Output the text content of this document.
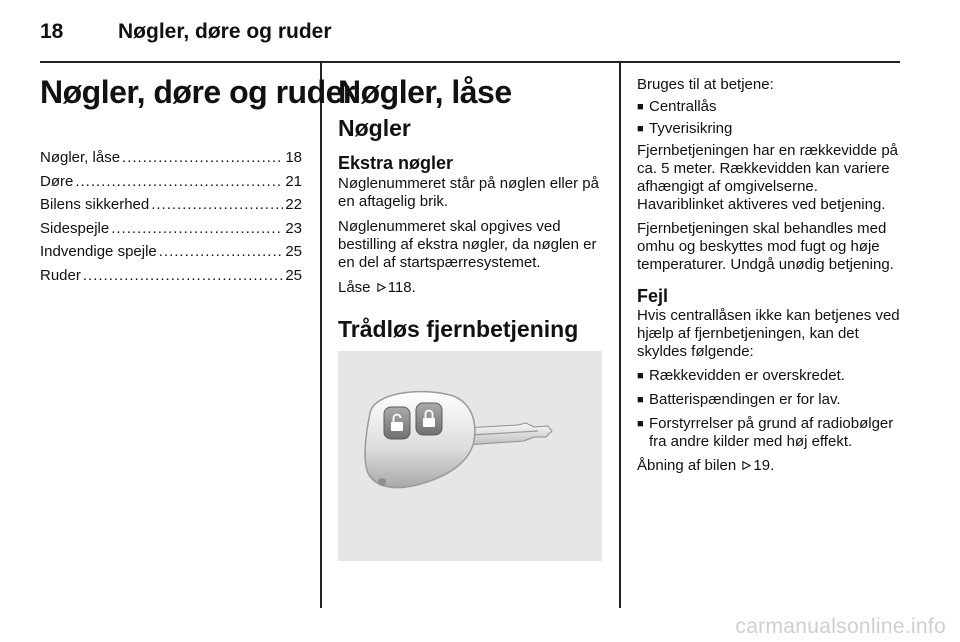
18	Nøgler, døre og ruder
Nøgler, døre og ruder
Nøgler, låse .....	18
Døre .....	21
Bilens sikkerhed .....	22
Sidespejle .....	23
Indvendige spejle .....	25
Ruder .....	25
Nøgler, låse
Nøgler
Ekstra nøgler
Nøglenummeret står på nøglen eller på en aftagelig brik.
Nøglenummeret skal opgives ved bestilling af ekstra nøgler, da nøglen er en del af startspærresystemet.
Låse 118.
Trådløs fjernbetjening
Bruges til at betjene:
■ Centrallås
■ Tyverisikring
Fjernbetjeningen har en rækkevidde på ca. 5 meter. Rækkevidden kan variere afhængigt af omgivelserne. Havariblinket aktiveres ved betjening.
Fjernbetjeningen skal behandles med omhu og beskyttes mod fugt og høje temperaturer. Undgå unødig betjening.
Fejl
Hvis centrallåsen ikke kan betjenes ved hjælp af fjernbetjeningen, kan det skyldes følgende:
■ Rækkevidden er overskredet.
■ Batterispændingen er for lav.
■ Forstyrrelser på grund af radiobølger fra andre kilder med høj effekt.
Åbning af bilen 19.
carmanualsonline.info
